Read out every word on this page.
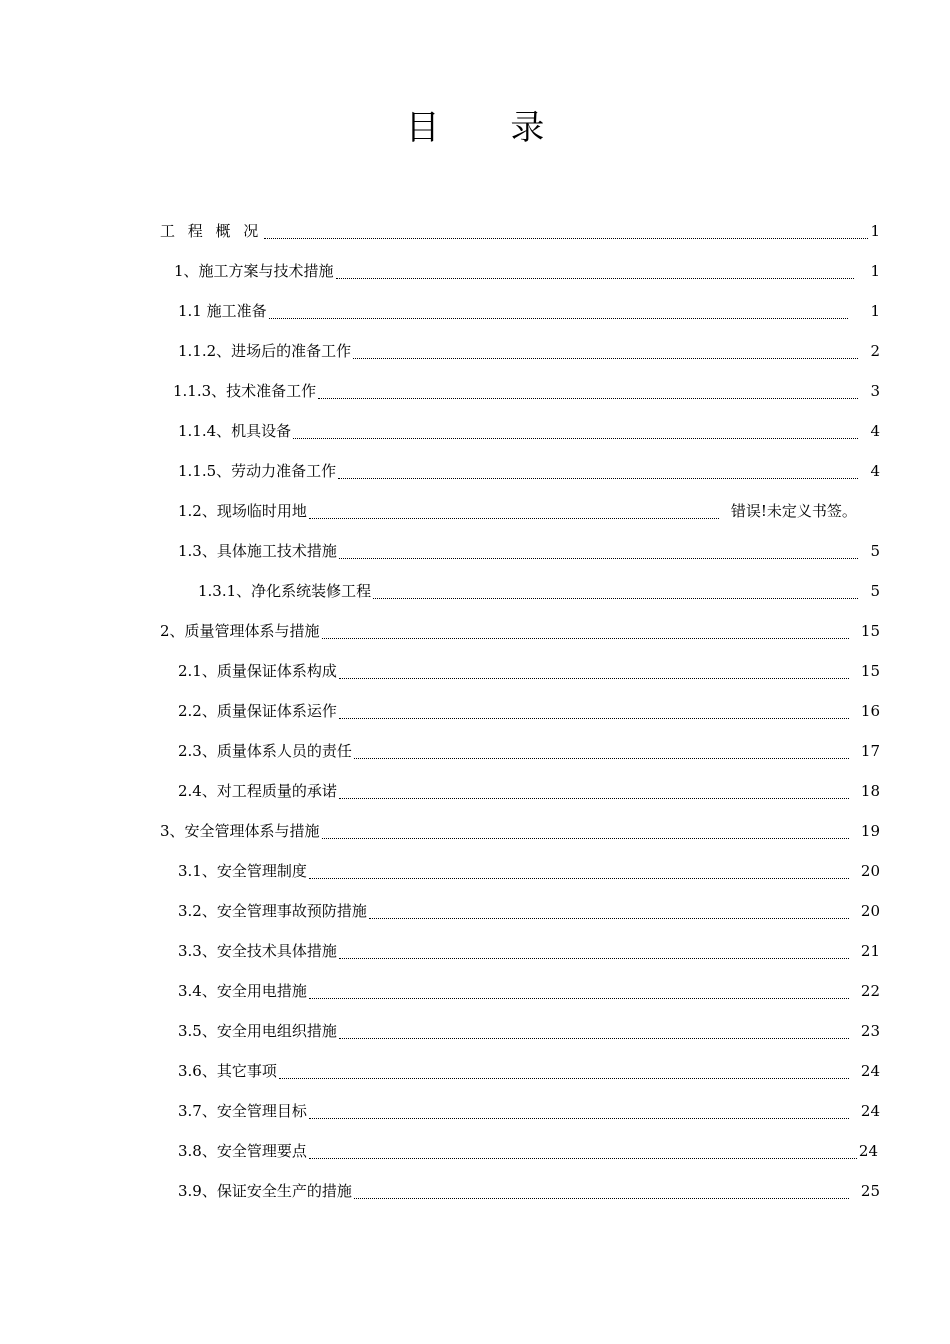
目 录
工 程 概 况	1
1、施工方案与技术措施	1
1.1 施工准备	1
1.1.2、进场后的准备工作	2
1.1.3、技术准备工作	3
1.1.4、机具设备	4
1.1.5、劳动力准备工作	4
1.2、现场临时用地	错误!未定义书签。
1.3、具体施工技术措施	5
1.3.1、净化系统装修工程	5
2、质量管理体系与措施	15
2.1、质量保证体系构成	15
2.2、质量保证体系运作	16
2.3、质量体系人员的责任	17
2.4、对工程质量的承诺	18
3、安全管理体系与措施	19
3.1、安全管理制度	20
3.2、安全管理事故预防措施	20
3.3、安全技术具体措施	21
3.4、安全用电措施	22
3.5、安全用电组织措施	23
3.6、其它事项	24
3.7、安全管理目标	24
3.8、安全管理要点	24
3.9、保证安全生产的措施	25
